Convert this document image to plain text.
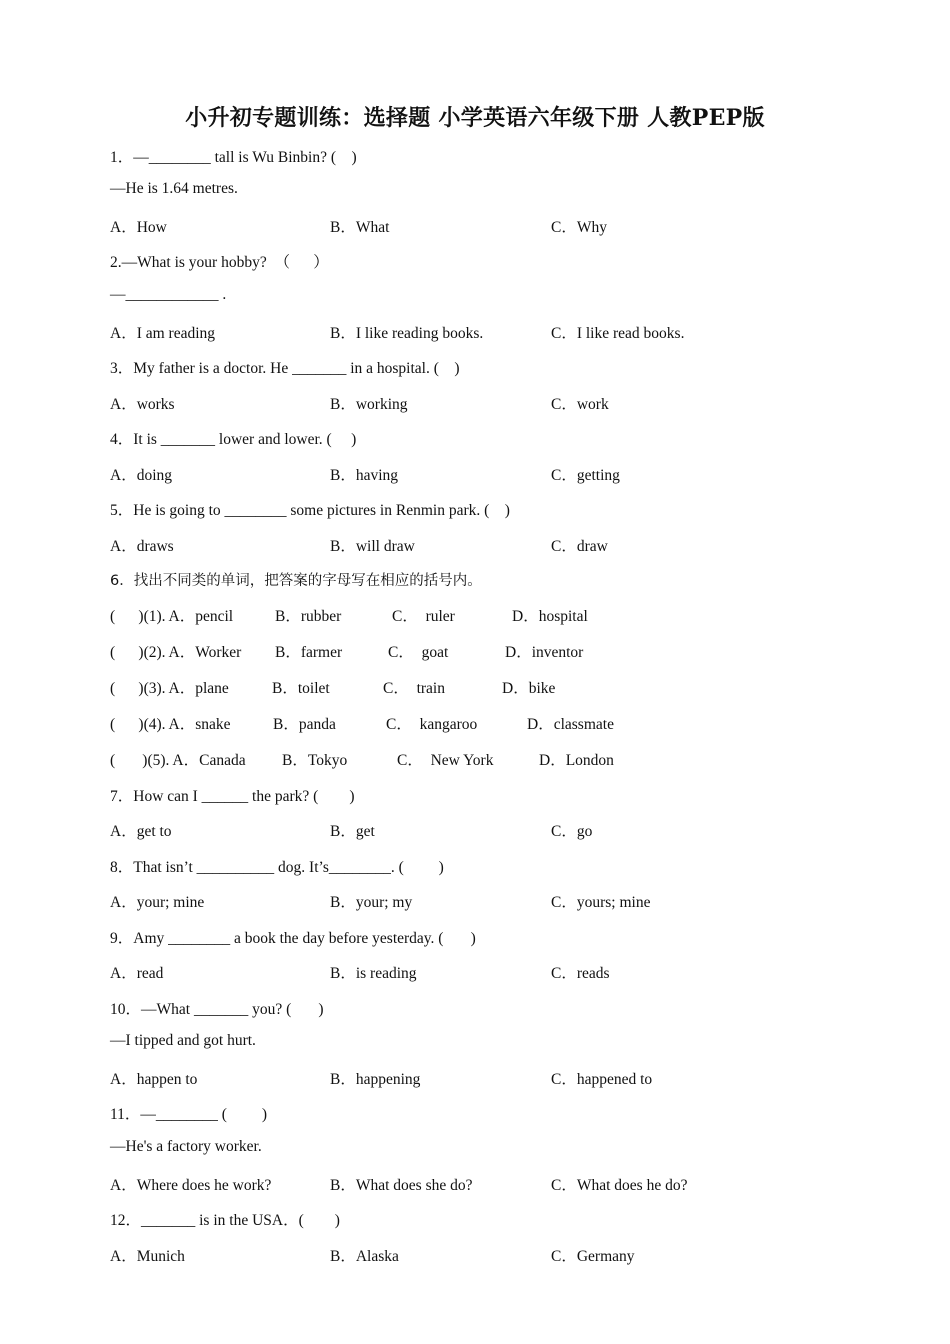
小升初专题训练：选择题 小学英语六年级下册 人教PEP版
1．—________ tall is Wu Binbin? (    )
—He is 1.64 metres.
A．How	B．What	C．Why
2.—What is your hobby?  （      ）
—____________ .
A．I am reading	B．I like reading books.	C．I like read books.
3．My father is a doctor. He _______ in a hospital. (    )
A．works	B．working	C．work
4．It is _______ lower and lower. (     )
A．doing	B．having	C．getting
5．He is going to ________ some pictures in Renmin park. (    )
A．draws	B．will draw	C．draw
6．找出不同类的单词，把答案的字母写在相应的括号内。
(      )(1). A．pencil	B．rubber	C．  ruler	D．hospital
(      )(2). A．Worker B．farmer	C．  goat	D．inventor
(      )(3). A．plane	B．toilet	C．  train	D．bike
(      )(4). A．snake	B．panda	C．  kangaroo	D．classmate
(       )(5). A．Canada B．Tokyo	C．  New York	D．London
7．How can I ______ the park? (        )
A．get to	B．get	C．go
8．That isn’t __________ dog. It’s________. (         )
A．your; mine	B．your; my	C．yours; mine
9．Amy ________ a book the day before yesterday. (       )
A．read	B．is reading	C．reads
10．—What _______ you? (       )
—I tipped and got hurt.
A．happen to	B．happening	C．happened to
11．—________ (         )
—He's a factory worker.
A．Where does he work?	B．What does she do?	C．What does he do?
12．_______ is in the USA．(        )
A．Munich	B．Alaska	C．Germany
